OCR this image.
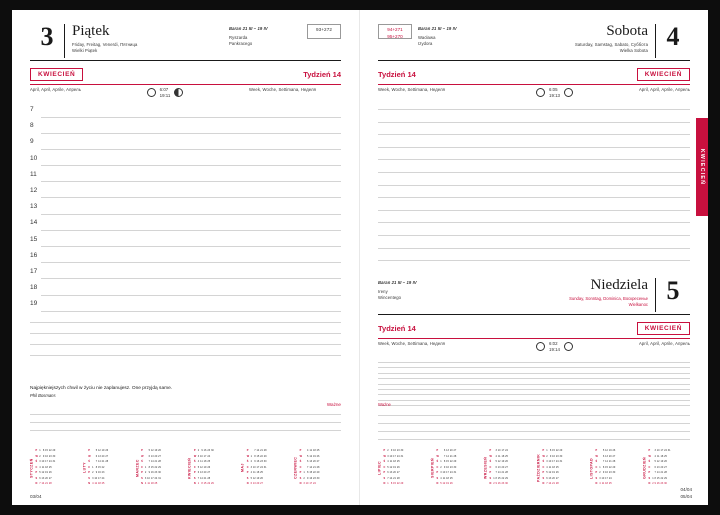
3	Piątek
Friday, Freitag, Venerdi, Пятница
Wielki Piątek
Baran 21 III – 19 IV
Ryszarda
Pankracego
93+272
KWIECIEŃ	Tydzień 14
April, April, Aprile, Апрель	6:07
19:11
Week, Woche, Settimana, Неделя
7
8
9
10
11
12
13
14
15
16
17
18
19
Najpiękniejszych chwil w życiu nie zaplanujesz. One przyjdą same.
Phil Bosmans
Ważne
STYCZEŃ
P	1	8	15	22	29
W	2	9	16	23	30
Ś	3	10	17	24	31
C	4	11	18	25	
P	5	12	19	26	
S	6	13	20	27	
N	7	14	21	28	
LUTY
P		5	12	19	26
W		6	13	20	27
Ś		7	14	21	28
C	1	8	15	22	
P	2	9	16	23	
S	3	10	17	24	
N	4	11	18	25	
MARZEC
P		5	12	19	26
W		6	13	20	27
Ś		7	14	21	28
C	1	8	15	22	29
P	2	9	16	23	30
S	3	10	17	24	31
N	4	11	18	25	
KWIECIEŃ
P	2	9	16	23	30
W	3	10	17	24	
Ś	4	11	18	25	
C	5	12	19	26	
P	6	13	20	27	
S	7	14	21	28	
N	1	8	15	22	29
MAJ
P		7	14	21	28
W	1	8	15	22	29
Ś	2	9	16	23	30
C	3	10	17	24	31
P	4	11	18	25	
S	5	12	19	26	
N	6	13	20	27	
CZERWIEC
P		4	11	18	25
W		5	12	19	26
Ś		6	13	20	27
C		7	14	21	28
P	1	8	15	22	29
S	2	9	16	23	30
N	3	10	17	24	
03/04
94+271
95+270
Baran 21 III – 19 IV
Wacława
Izydora
Sobota
Saturday, Samstag, Sabato, Суббота
Wielka Sobota 4
Tydzień 14	KWIECIEŃ
Week, Woche, Settimana, Неделя	6:05
19:13
April, April, Aprile, Апрель
Baran 21 III – 19 IV
Ireny
Wincentego
Niedziela
Sunday, Sonntag, Dominica, Воскресенье
Wielkanoc 5
Tydzień 14	KWIECIEŃ
Week, Woche, Settimana, Неделя	6:02
19:14
April, April, Aprile, Апрель
Ważne
LIPIEC
P	2	9	16	23	30
W	3	10	17	24	31
Ś	4	11	18	25	
C	5	12	19	26	
P	6	13	20	27	
S	7	14	21	28	
N	1	8	15	22	29
SIERPIEŃ
P		6	13	20	27
W		7	14	21	28
Ś	1	8	15	22	29
C	2	9	16	23	30
P	3	10	17	24	31
S	4	11	18	25	
N	5	12	19	26	
WRZESIEŃ
P		3	10	17	24
W		4	11	18	25
Ś		5	12	19	26
C		6	13	20	27
P		7	14	21	28
S	1	8	15	22	29
N	2	9	16	23	30
PAŹDZIERNIK
P	1	8	15	22	29
W	2	9	16	23	30
Ś	3	10	17	24	31
C	4	11	18	25	
P	5	12	19	26	
S	6	13	20	27	
N	7	14	21	28	
LISTOPAD
P		5	12	19	26
W		6	13	20	27
Ś		7	14	21	28
C	1	8	15	22	29
P	2	9	16	23	30
S	3	10	17	24	
N	4	11	18	25	
GRUDZIEŃ
P		3	10	17	24	31
W		4	11	18	25	
Ś		5	12	19	26	
C		6	13	20	27	
P		7	14	21	28	
S	1	8	15	22	29	
N	2	9	16	23	30	
04/04
05/04
KWIECIEŃ
